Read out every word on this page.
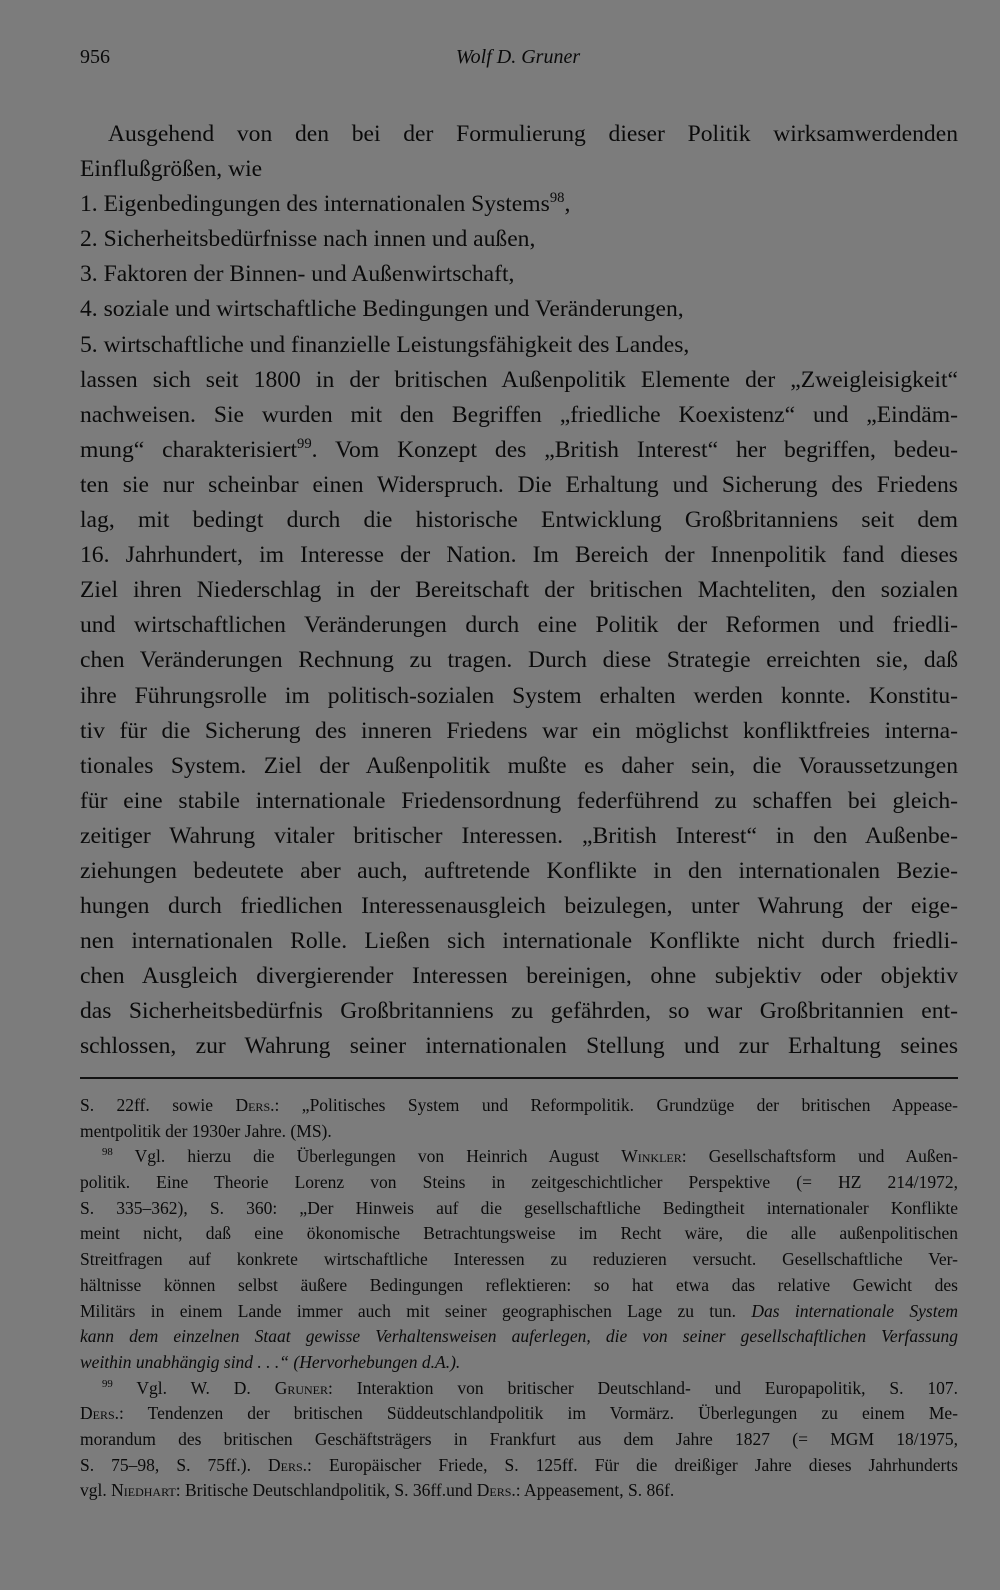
956	Wolf D. Gruner
Ausgehend von den bei der Formulierung dieser Politik wirksamwerdenden
Einflußgrößen, wie
1. Eigenbedingungen des internationalen Systems$^{98}$,
2. Sicherheitsbedürfnisse nach innen und außen,
3. Faktoren der Binnen- und Außenwirtschaft,
4. soziale und wirtschaftliche Bedingungen und Veränderungen,
5. wirtschaftliche und finanzielle Leistungsfähigkeit des Landes,
lassen sich seit 1800 in der britischen Außenpolitik Elemente der „Zweigleisigkeit“
nachweisen. Sie wurden mit den Begriffen „friedliche Koexistenz“ und „Eindäm-
mung“ charakterisiert$^{99}$. Vom Konzept des „British Interest“ her begriffen, bedeu-
ten sie nur scheinbar einen Widerspruch. Die Erhaltung und Sicherung des Friedens
lag, mit bedingt durch die historische Entwicklung Großbritanniens seit dem
16. Jahrhundert, im Interesse der Nation. Im Bereich der Innenpolitik fand dieses
Ziel ihren Niederschlag in der Bereitschaft der britischen Machteliten, den sozialen
und wirtschaftlichen Veränderungen durch eine Politik der Reformen und friedli-
chen Veränderungen Rechnung zu tragen. Durch diese Strategie erreichten sie, daß
ihre Führungsrolle im politisch-sozialen System erhalten werden konnte. Konstitu-
tiv für die Sicherung des inneren Friedens war ein möglichst konfliktfreies interna-
tionales System. Ziel der Außenpolitik mußte es daher sein, die Voraussetzungen
für eine stabile internationale Friedensordnung federführend zu schaffen bei gleich-
zeitiger Wahrung vitaler britischer Interessen. „British Interest“ in den Außenbe-
ziehungen bedeutete aber auch, auftretende Konflikte in den internationalen Bezie-
hungen durch friedlichen Interessenausgleich beizulegen, unter Wahrung der eige-
nen internationalen Rolle. Ließen sich internationale Konflikte nicht durch friedli-
chen Ausgleich divergierender Interessen bereinigen, ohne subjektiv oder objektiv
das Sicherheitsbedürfnis Großbritanniens zu gefährden, so war Großbritannien ent-
schlossen, zur Wahrung seiner internationalen Stellung und zur Erhaltung seines
S. 22ff. sowie Ders.: „Politisches System und Reformpolitik. Grundzüge der britischen Appease-
mentpolitik der 1930er Jahre. (MS).
$^{98}$ Vgl. hierzu die Überlegungen von Heinrich August Winkler: Gesellschaftsform und Außen-
politik. Eine Theorie Lorenz von Steins in zeitgeschichtlicher Perspektive (= HZ 214/1972,
S. 335–362), S. 360: „Der Hinweis auf die gesellschaftliche Bedingtheit internationaler Konflikte
meint nicht, daß eine ökonomische Betrachtungsweise im Recht wäre, die alle außenpolitischen
Streitfragen auf konkrete wirtschaftliche Interessen zu reduzieren versucht. Gesellschaftliche Ver-
hältnisse können selbst äußere Bedingungen reflektieren: so hat etwa das relative Gewicht des
Militärs in einem Lande immer auch mit seiner geographischen Lage zu tun. Das internationale System
kann dem einzelnen Staat gewisse Verhaltensweisen auferlegen, die von seiner gesellschaftlichen Verfassung
weithin unabhängig sind . . .“ (Hervorhebungen d.A.).
$^{99}$ Vgl. W. D. Gruner: Interaktion von britischer Deutschland- und Europapolitik, S. 107.
Ders.: Tendenzen der britischen Süddeutschlandpolitik im Vormärz. Überlegungen zu einem Me-
morandum des britischen Geschäftsträgers in Frankfurt aus dem Jahre 1827 (= MGM 18/1975,
S. 75–98, S. 75ff.). Ders.: Europäischer Friede, S. 125ff. Für die dreißiger Jahre dieses Jahrhunderts
vgl. Niedhart: Britische Deutschlandpolitik, S. 36ff.und Ders.: Appeasement, S. 86f.
